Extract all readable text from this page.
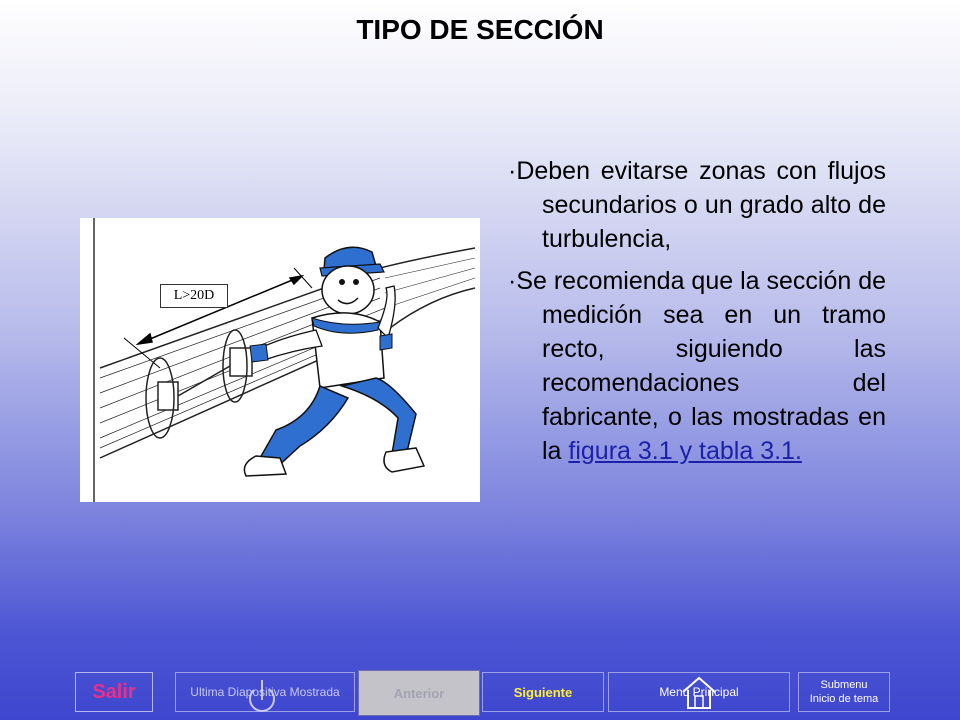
TIPO DE SECCIÓN
L>20D

·Deben evitarse zonas con flujos secundarios o un grado alto de turbulencia,

·Se recomienda que la sección de medición sea en un tramo recto, siguiendo las recomendaciones del fabricante, o las mostradas en la figura 3.1 y tabla 3.1.

Salir	Ultima Diapositiva Mostrada	Anterior	Siguiente	Menú Principal	Submenu
Inicio de tema
